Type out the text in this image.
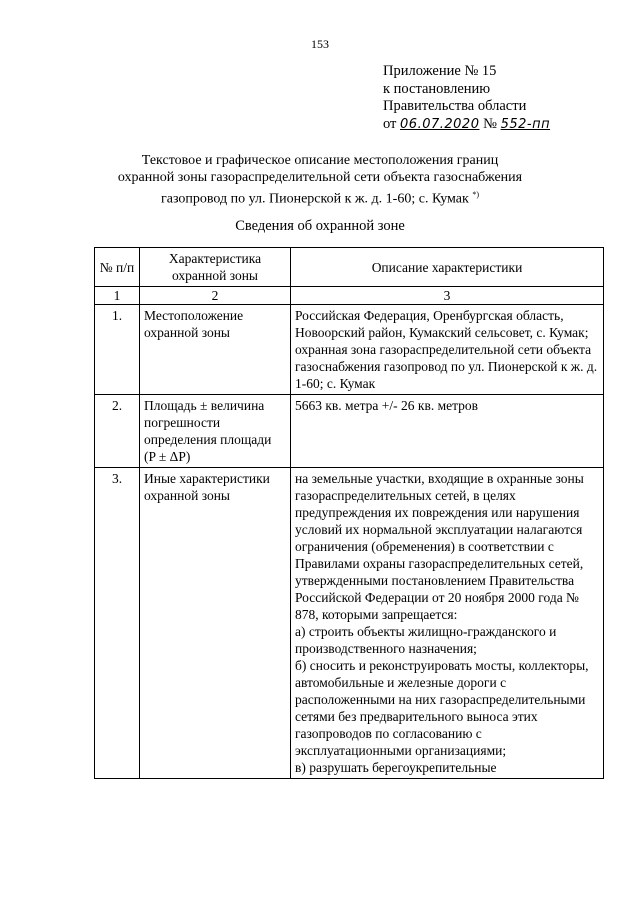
153
Приложение № 15
к постановлению
Правительства области
от 06.07.2020 № 552-пп
Текстовое и графическое описание местоположения границ
охранной зоны газораспределительной сети объекта газоснабжения
газопровод по ул. Пионерской к ж. д. 1-60; с. Кумак *)
Сведения об охранной зоне
№ п/п	Характеристика охранной зоны	Описание характеристики
1	2	3
1.	Местоположение охранной зоны	Российская Федерация, Оренбургская область, Новоорский район, Кумакский сельсовет, с. Кумак; охранная зона газораспределительной сети объекта газоснабжения газопровод по ул. Пионерской к ж. д. 1-60; с. Кумак
2.	Площадь ± величина погрешности определения площади (P ± ΔP)	5663 кв. метра +/- 26 кв. метров
3.	Иные характеристики охранной зоны	на земельные участки, входящие в охранные зоны газораспределительных сетей, в целях предупреждения их повреждения или нарушения условий их нормальной эксплуатации налагаются ограничения (обременения) в соответствии с Правилами охраны газораспределительных сетей, утвержденными постановлением Правительства Российской Федерации от 20 ноября 2000 года № 878, которыми запрещается:
а) строить объекты жилищно-гражданского и производственного назначения;
б) сносить и реконструировать мосты, коллекторы, автомобильные и железные дороги с расположенными на них газораспределительными сетями без предварительного выноса этих газопроводов по согласованию с эксплуатационными организациями;
в) разрушать берегоукрепительные
